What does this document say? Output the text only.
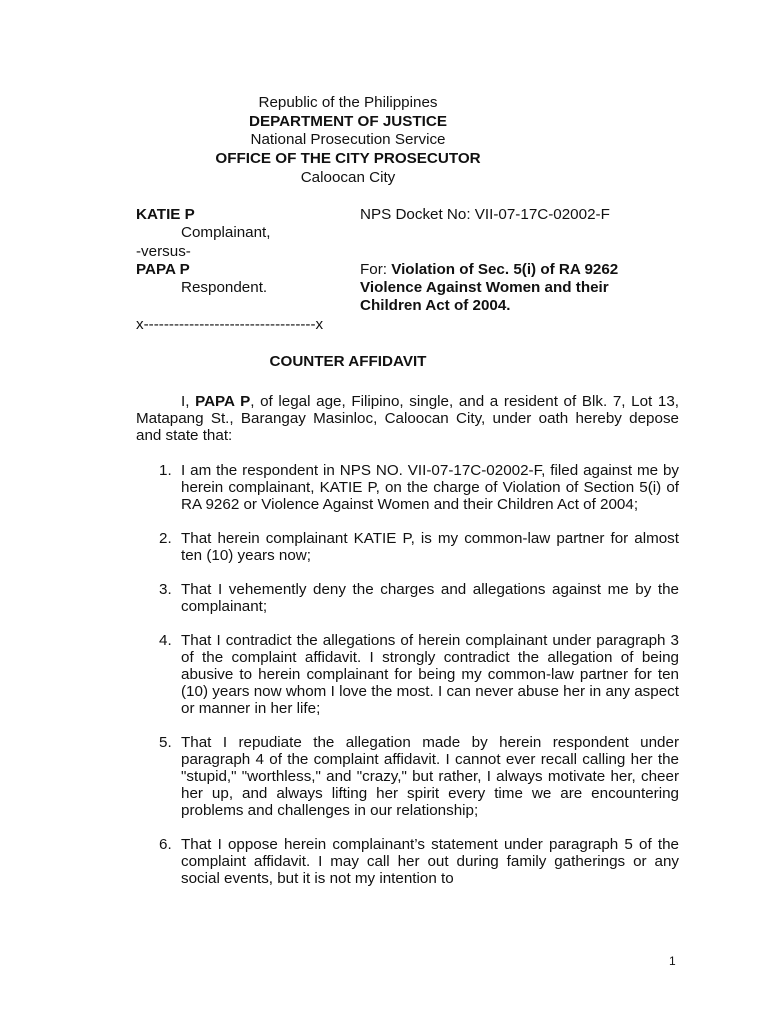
Republic of the Philippines
DEPARTMENT OF JUSTICE
National Prosecution Service
OFFICE OF THE CITY PROSECUTOR
Caloocan City
KATIE P	NPS Docket No: VII-07-17C-02002-F
Complainant,
-versus-
PAPA P	For: Violation of Sec. 5(i) of RA 9262
Respondent.	Violence Against Women and their
Children Act of 2004.
x----------------------------------x
COUNTER AFFIDAVIT
I, PAPA P, of legal age, Filipino, single, and a resident of Blk. 7, Lot 13, Matapang St., Barangay Masinloc, Caloocan City, under oath hereby depose and state that:
1. I am the respondent in NPS NO. VII-07-17C-02002-F, filed against me by herein complainant, KATIE P, on the charge of Violation of Section 5(i) of RA 9262 or Violence Against Women and their Children Act of 2004;
2. That herein complainant KATIE P, is my common-law partner for almost ten (10) years now;
3. That I vehemently deny the charges and allegations against me by the complainant;
4. That I contradict the allegations of herein complainant under paragraph 3 of the complaint affidavit. I strongly contradict the allegation of being abusive to herein complainant for being my common-law partner for ten (10) years now whom I love the most. I can never abuse her in any aspect or manner in her life;
5. That I repudiate the allegation made by herein respondent under paragraph 4 of the complaint affidavit. I cannot ever recall calling her the "stupid," "worthless," and "crazy," but rather, I always motivate her, cheer her up, and always lifting her spirit every time we are encountering problems and challenges in our relationship;
6. That I oppose herein complainant’s statement under paragraph 5 of the complaint affidavit. I may call her out during family gatherings or any social events, but it is not my intention to
1
